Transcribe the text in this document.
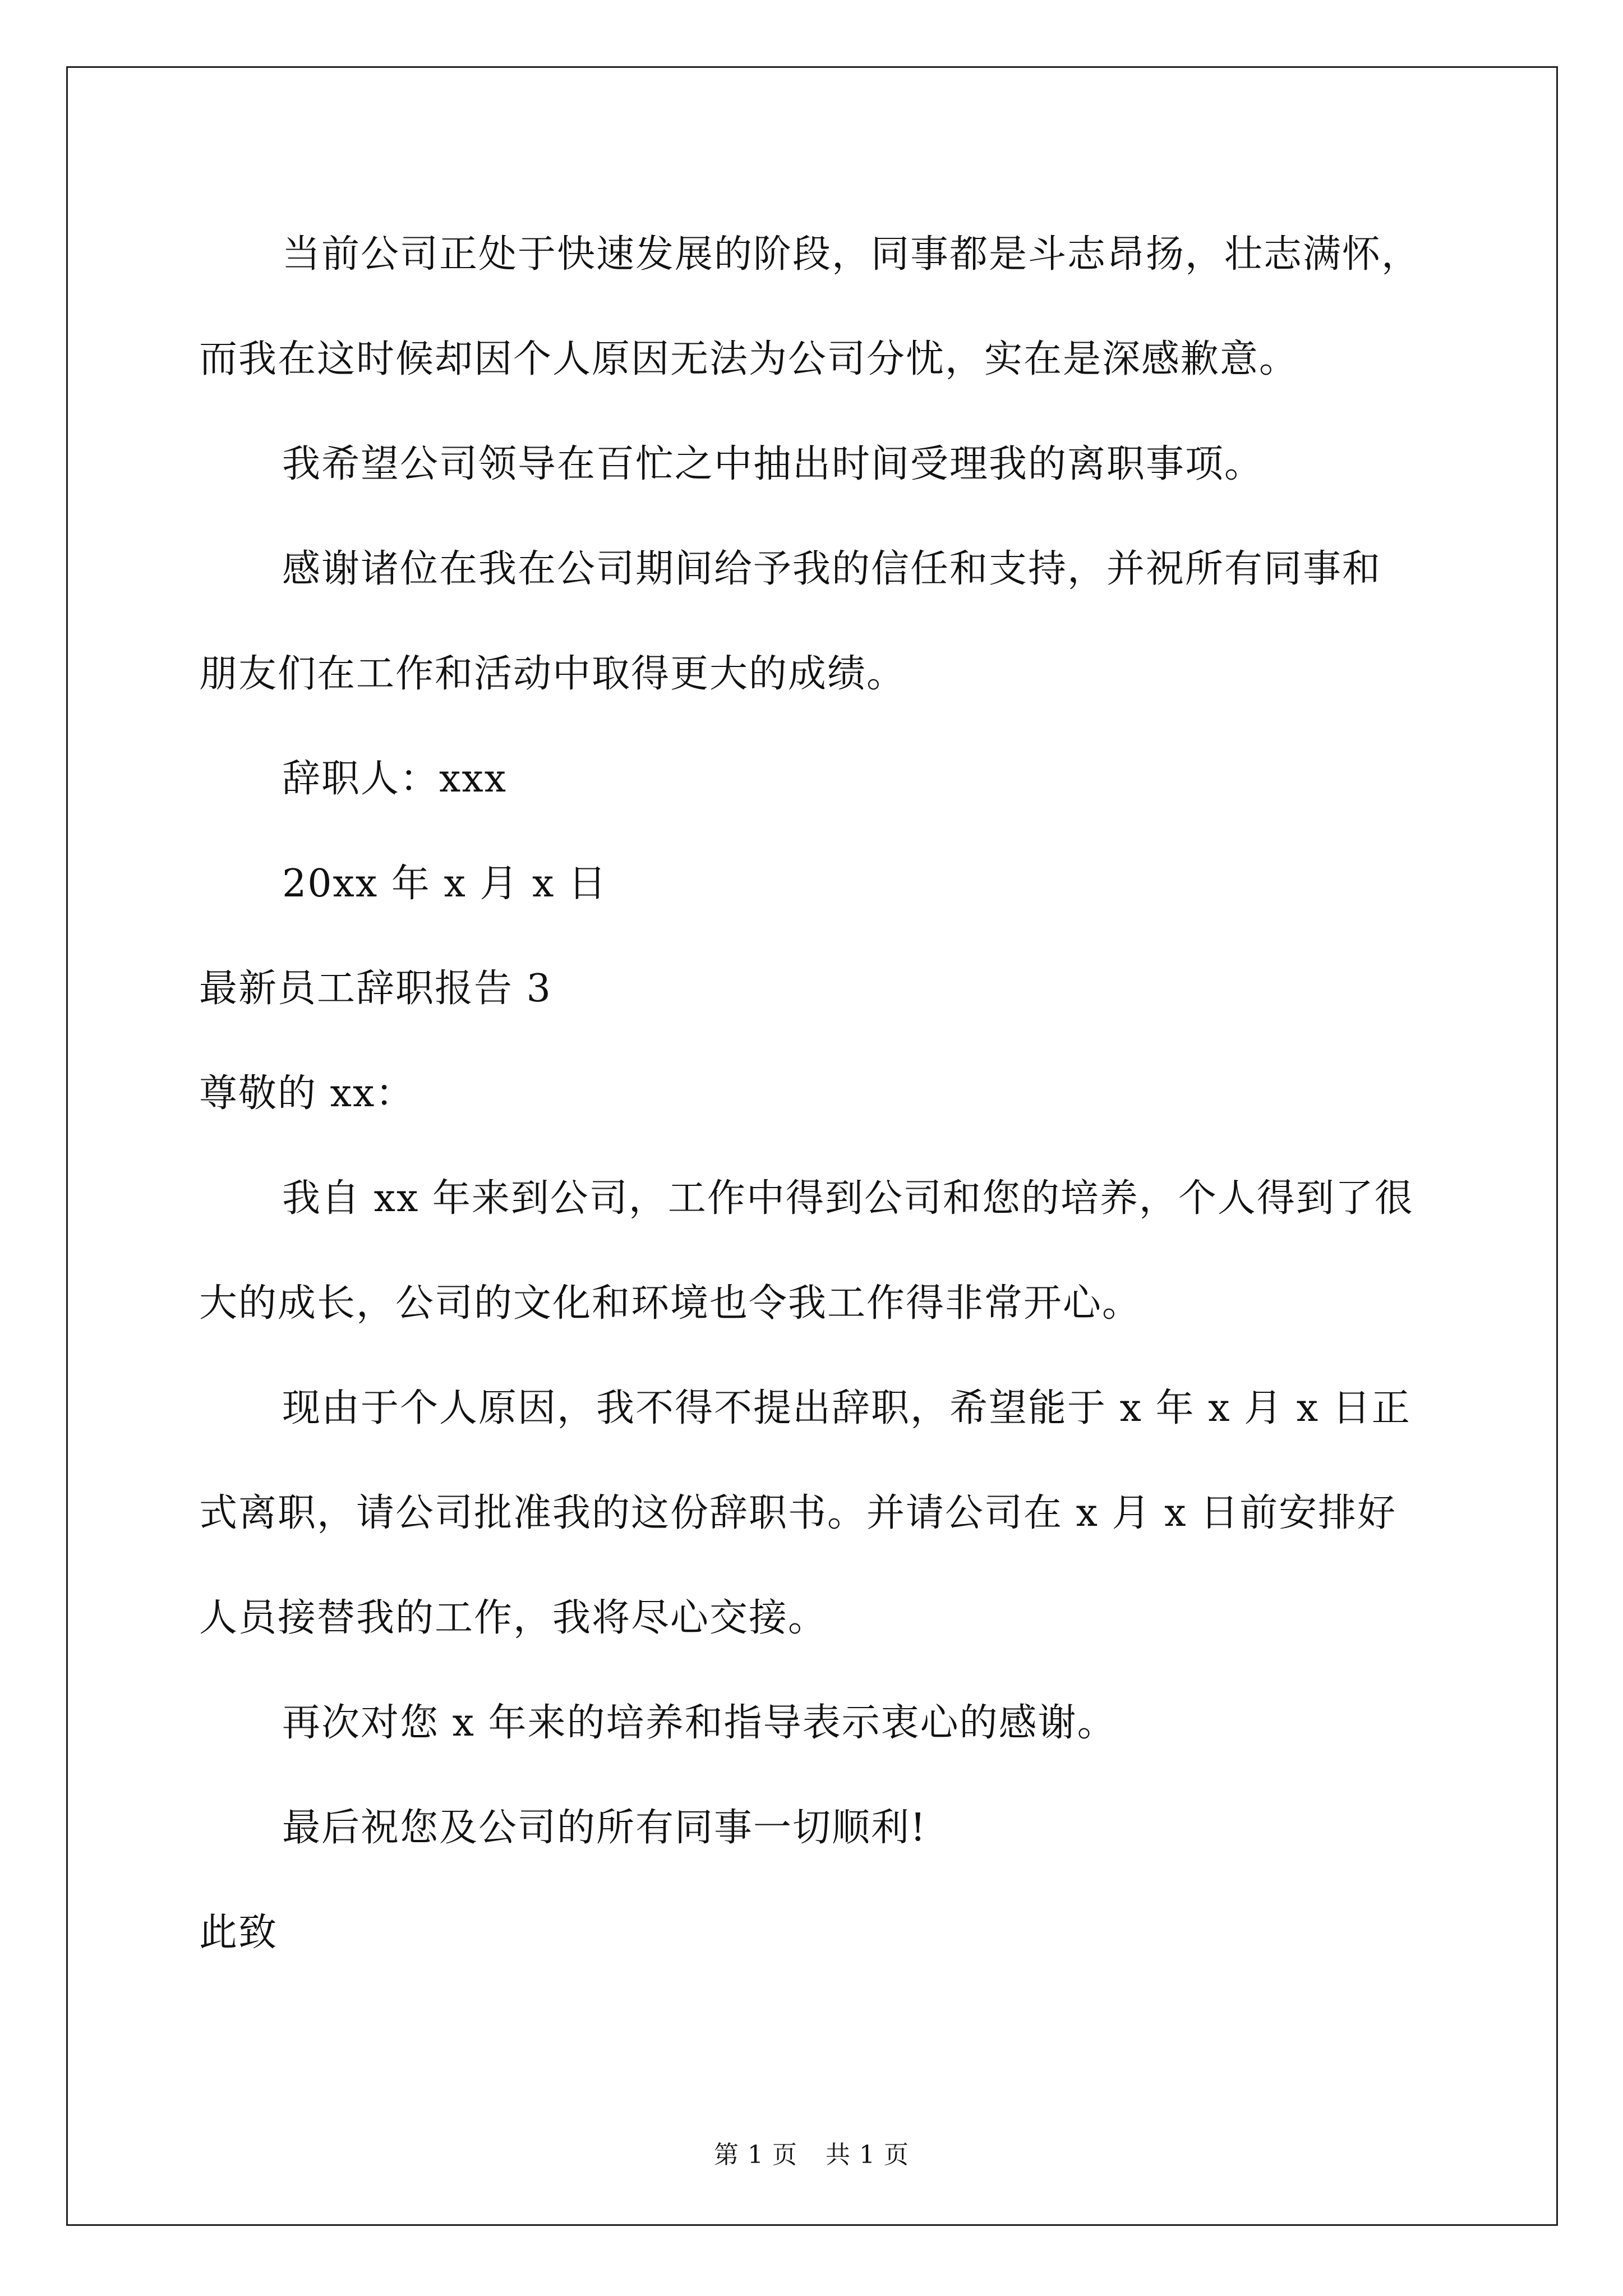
当前公司正处于快速发展的阶段，同事都是斗志昂扬，壮志满怀，

而我在这时候却因个人原因无法为公司分忧，实在是深感歉意。

我希望公司领导在百忙之中抽出时间受理我的离职事项。

感谢诸位在我在公司期间给予我的信任和支持，并祝所有同事和

朋友们在工作和活动中取得更大的成绩。

辞职人：xxx

20xx 年 x 月 x 日

最新员工辞职报告 3

尊敬的 xx：

我自 xx 年来到公司，工作中得到公司和您的培养，个人得到了很

大的成长，公司的文化和环境也令我工作得非常开心。

现由于个人原因，我不得不提出辞职，希望能于 x 年 x 月 x 日正

式离职，请公司批准我的这份辞职书。并请公司在 x 月 x 日前安排好

人员接替我的工作，我将尽心交接。

再次对您 x 年来的培养和指导表示衷心的感谢。

最后祝您及公司的所有同事一切顺利!

此致

第 1 页 共 1 页
